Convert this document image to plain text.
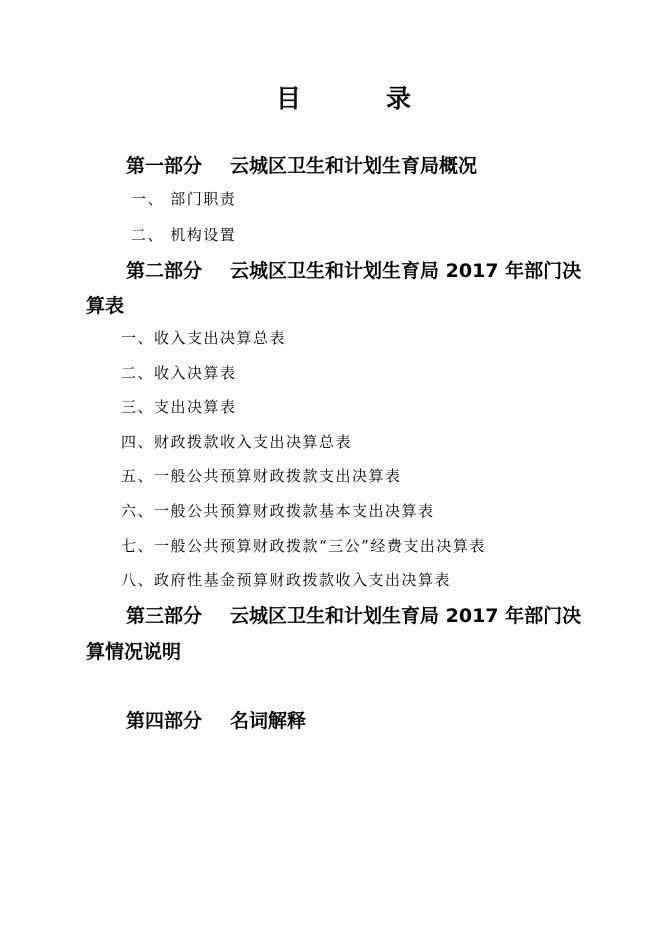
目	录
第一部分 云城区卫生和计划生育局概况
一、 部门职责
二、 机构设置
第二部分 云城区卫生和计划生育局 2017 年部门决
算表
一、收入支出决算总表
二、收入决算表
三、支出决算表
四、财政拨款收入支出决算总表
五、一般公共预算财政拨款支出决算表
六、一般公共预算财政拨款基本支出决算表
七、一般公共预算财政拨款“三公”经费支出决算表
八、政府性基金预算财政拨款收入支出决算表
第三部分 云城区卫生和计划生育局 2017 年部门决
算情况说明
第四部分 名词解释
